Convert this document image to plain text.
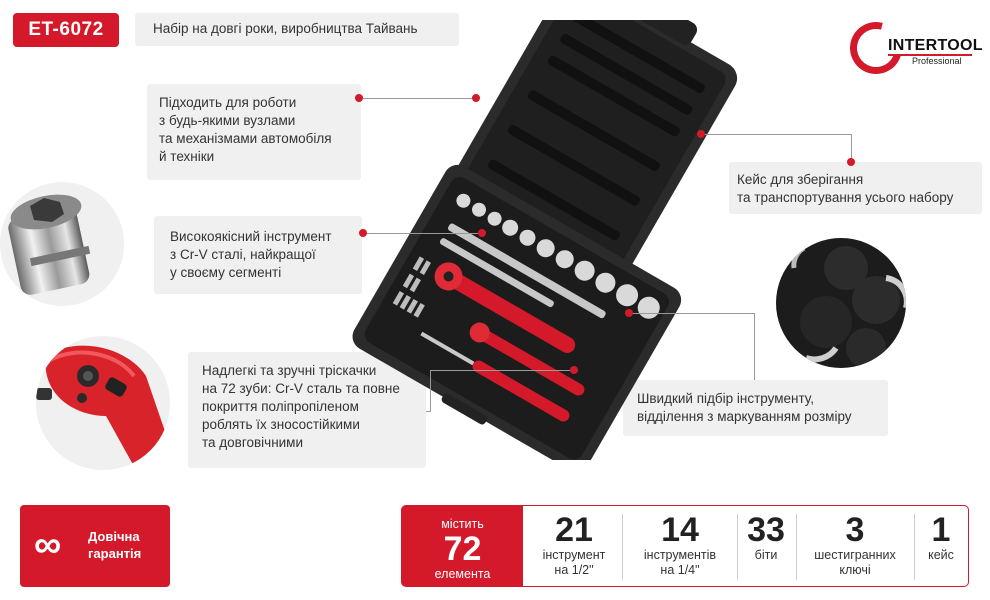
ET-6072	Набір на довгі роки, виробництва Тайвань

INTERTOOL
Professional

Підходить для роботи
з будь-якими вузлами
та механізмами автомобіля
й техніки

Високоякісний інструмент
з Cr-V сталі, найкращої
у своєму сегменті

Надлегкі та зручні тріскачки
на 72 зуби: Cr-V сталь та повне
покриття поліпропіленом
роблять їх зносостійкими
та довговічними

Кейс для зберігання
та транспортування усього набору

Швидкий підбір інструменту,
відділення з маркуванням розміру

∞ Довічна
гарантія
містить
72
елемента
21
інструмент
на 1/2"
14
інструментів
на 1/4"
33
біти
3
шестигранних
ключі
1
кейс
